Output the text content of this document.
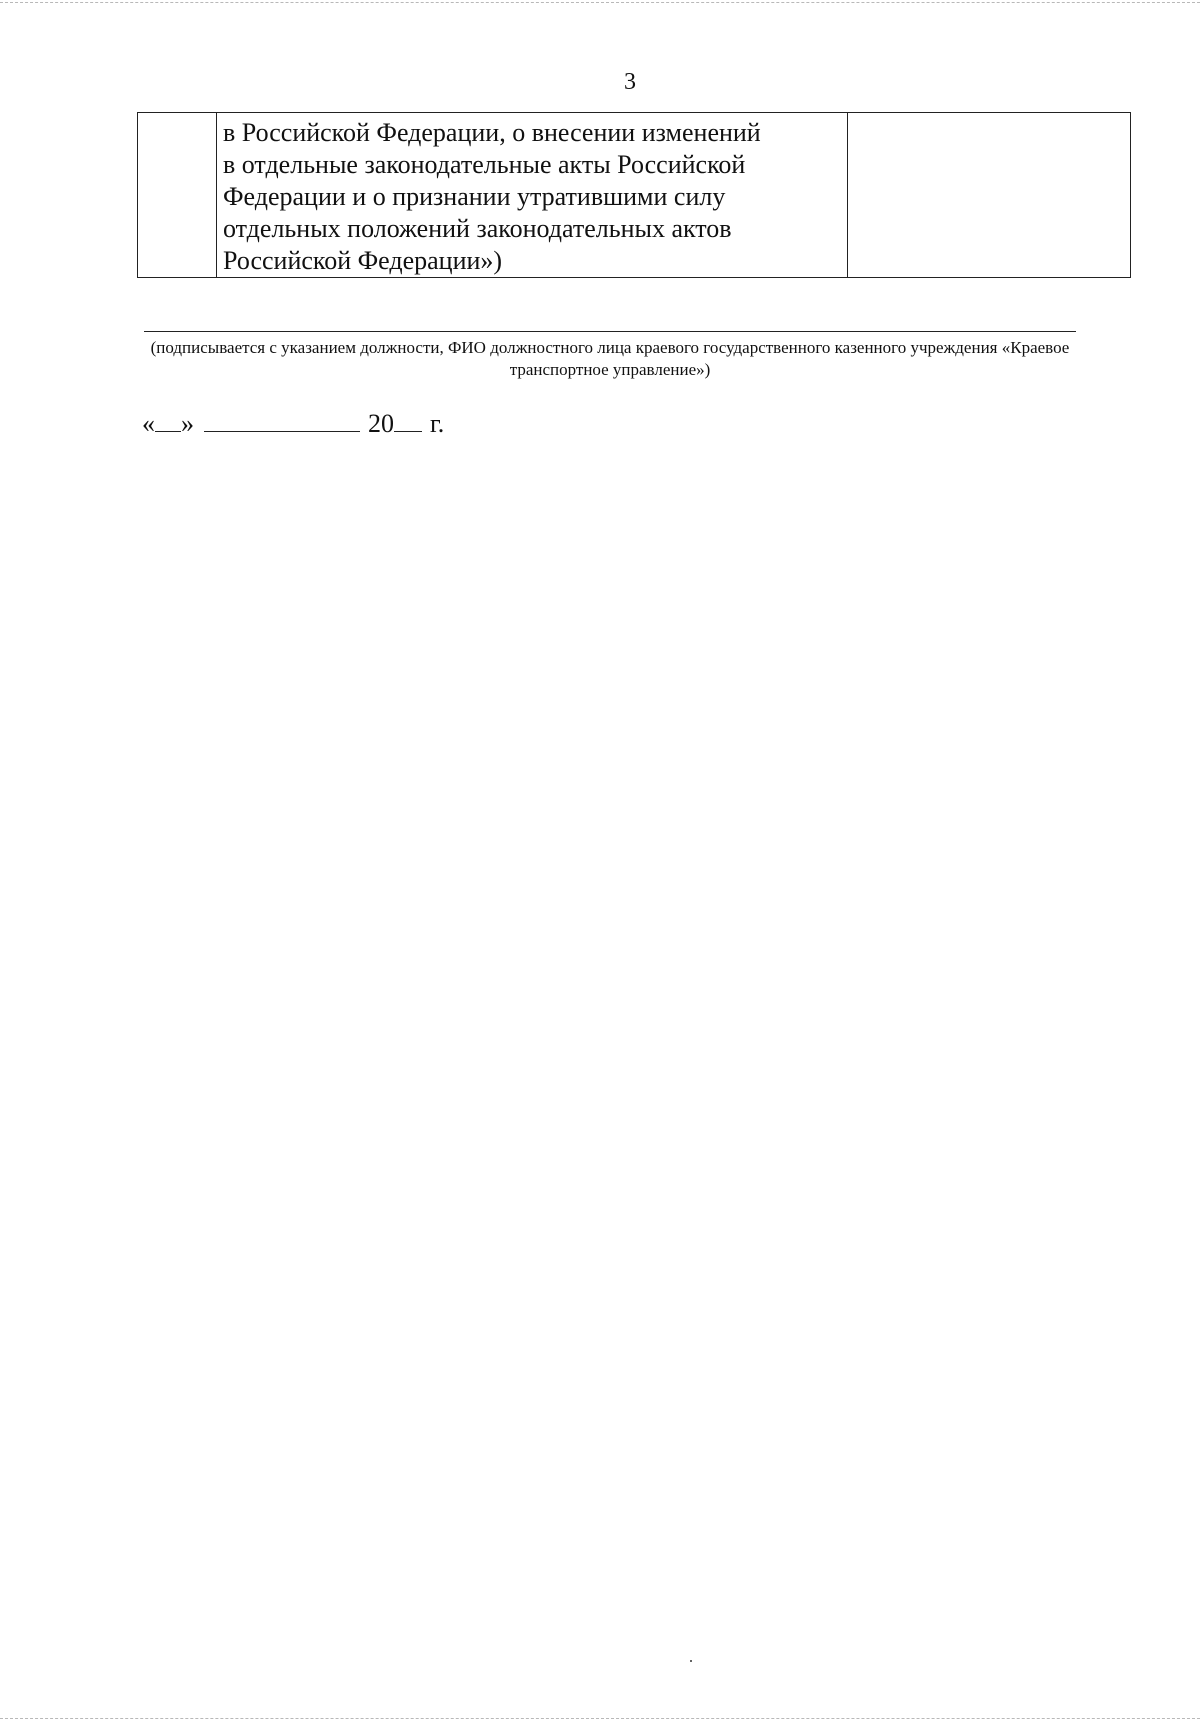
3

в Российской Федерации, о внесении изменений
в отдельные законодательные акты Российской
Федерации и о признании утратившими силу
отдельных положений законодательных актов
Российской Федерации»)

(подписывается с указанием должности, ФИО должностного лица краевого государственного казенного учреждения «Краевое транспортное управление»)
« »	20 г.
